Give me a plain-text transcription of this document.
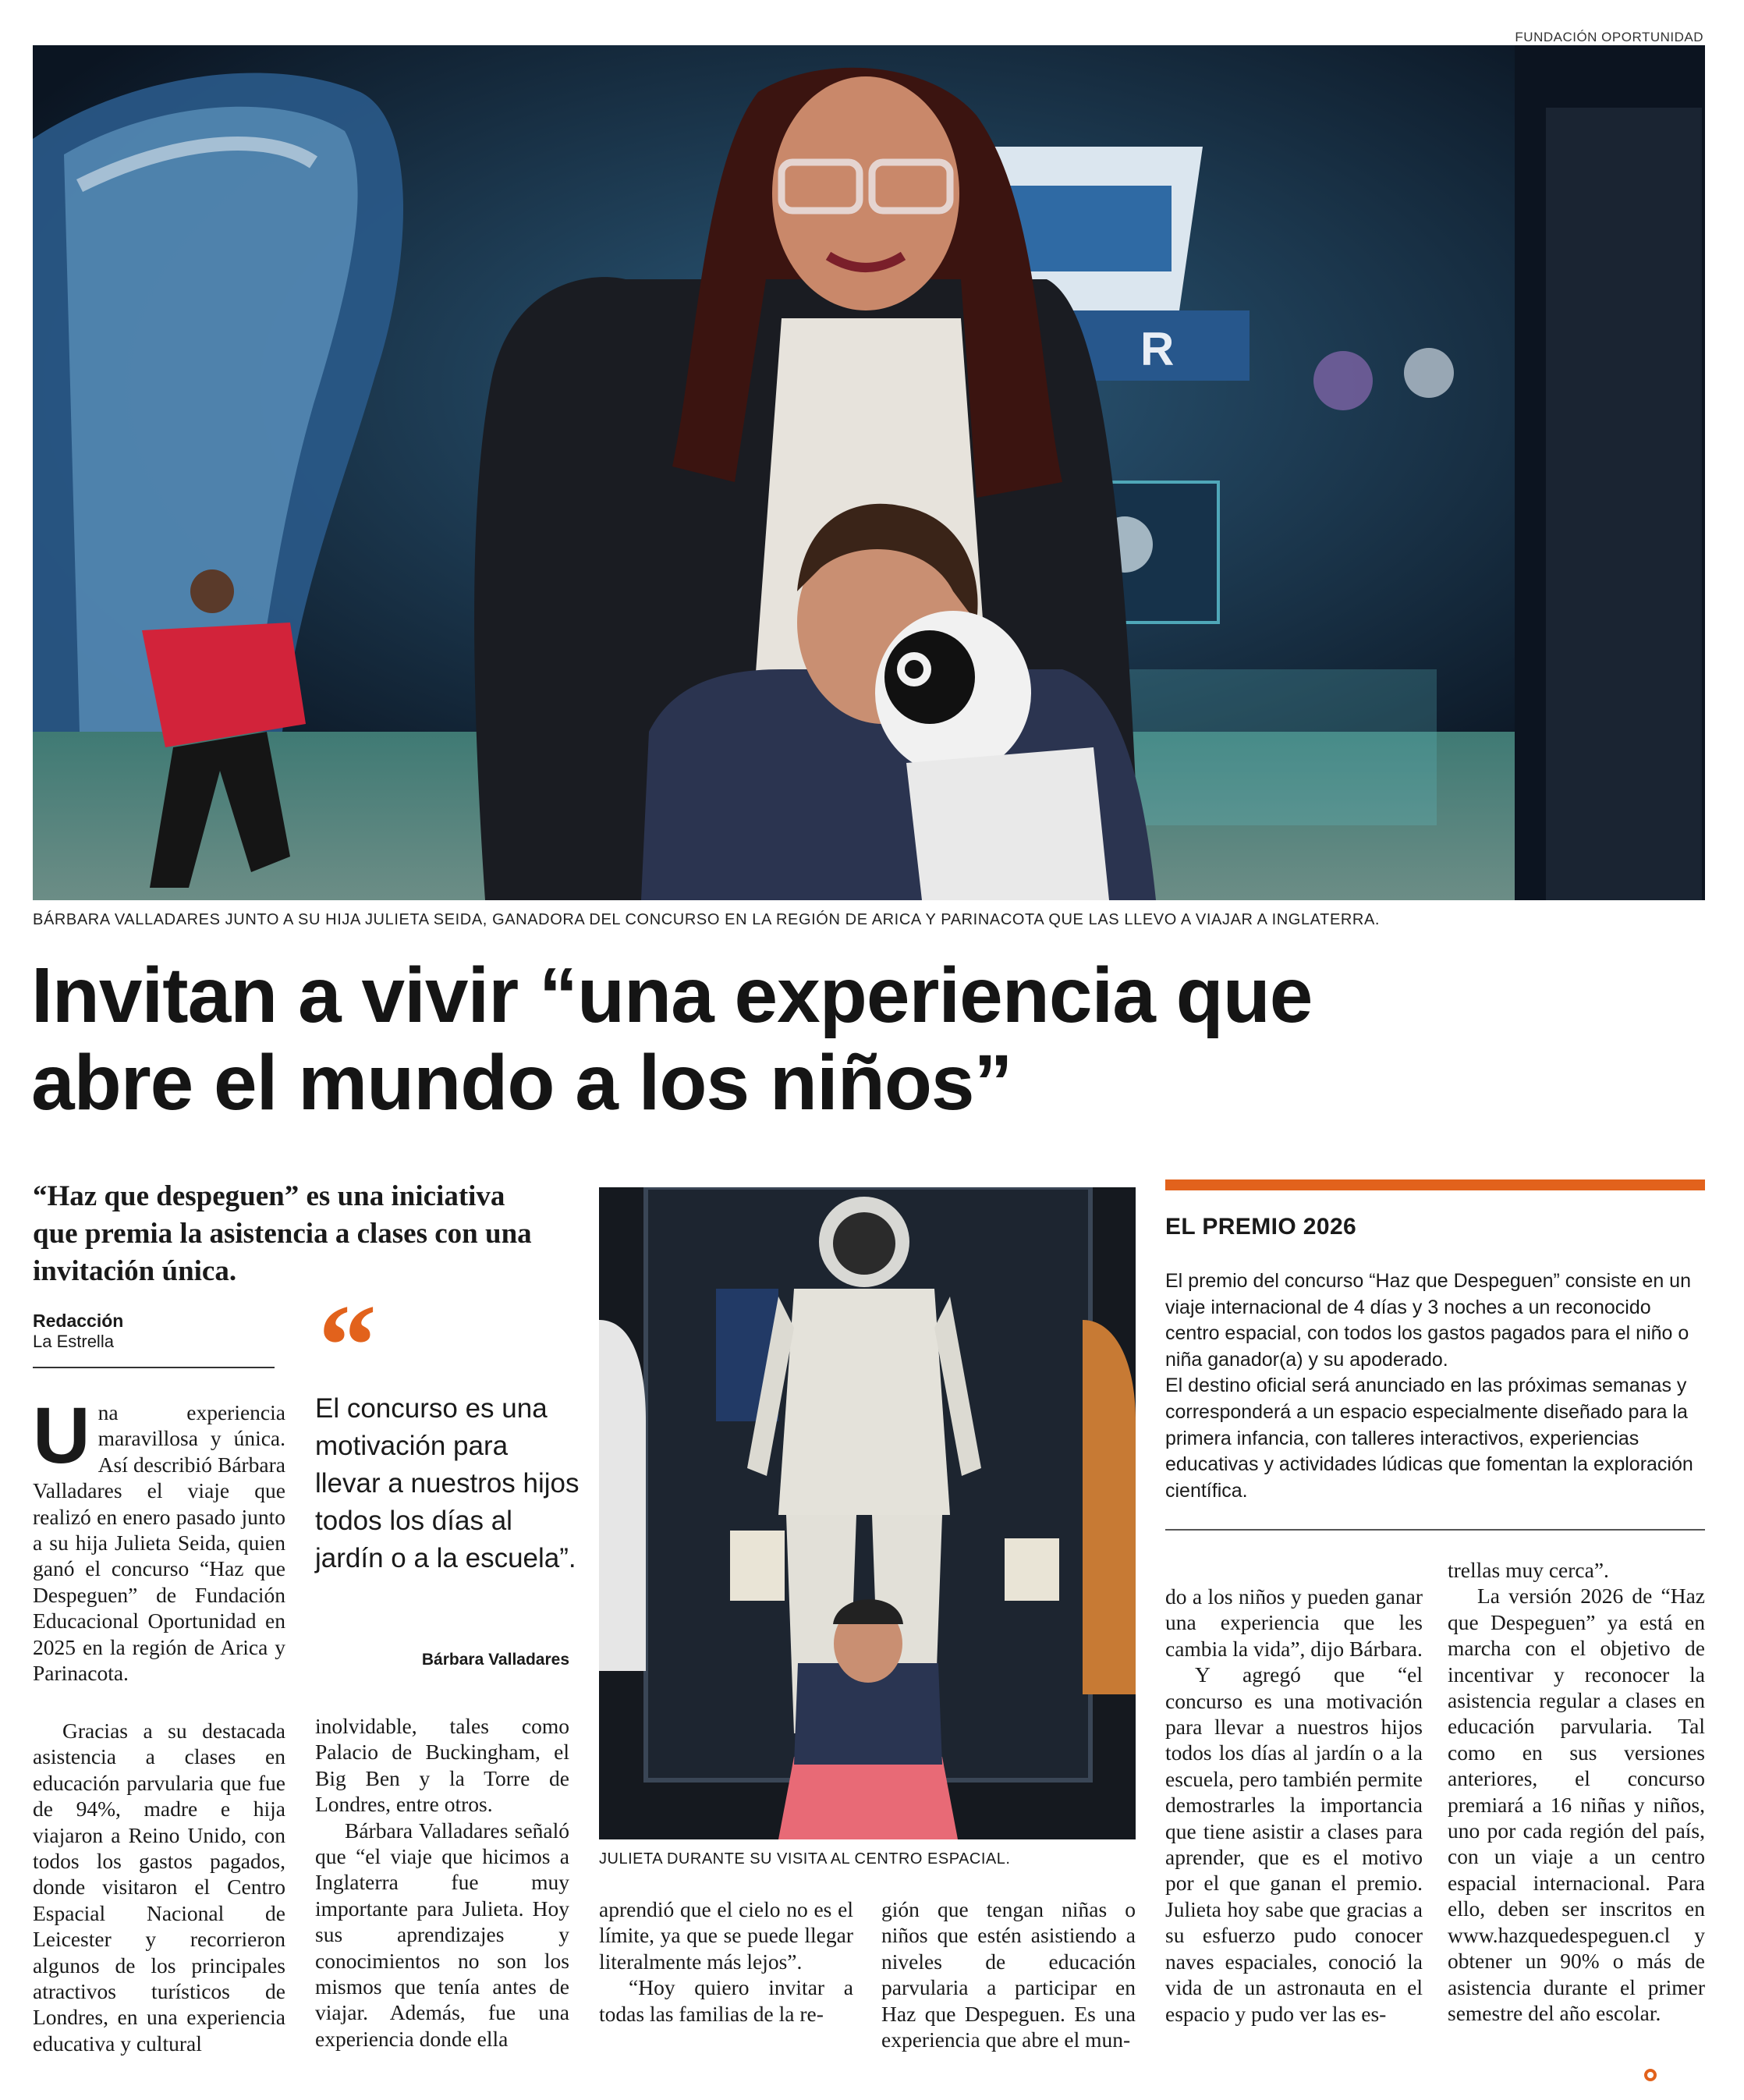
FUNDACIÓN OPORTUNIDAD
R
BÁRBARA VALLADARES JUNTO A SU HIJA JULIETA SEIDA, GANADORA DEL CONCURSO EN LA REGIÓN DE ARICA Y PARINACOTA QUE LAS LLEVO A VIAJAR A INGLATERRA.
Invitan a vivir “una experiencia que
abre el mundo a los niños”
“Haz que despeguen” es una iniciativa que premia la asistencia a clases con una invitación única.
Redacción
La Estrella “
El concurso es una motivación para llevar a nuestros hijos todos los días al jardín o a la escuela”.
Bárbara Valladares

Una experiencia maravillosa y única. Así describió Bárbara Valladares el viaje que realizó en enero pasado junto a su hija Julieta Seida, quien ganó el concurso “Haz que Despeguen” de Fundación Educacional Oportunidad en 2025 en la región de Arica y Parinacota.

Gracias a su destacada asistencia a clases en educación parvularia que fue de 94%, madre e hija viajaron a Reino Unido, con todos los gastos pagados, donde visitaron el Centro Espacial Nacional de Leicester y recorrieron algunos de los principales atractivos turísticos de Londres, en una experiencia educativa y cultural

inolvidable, tales como Palacio de Buckingham, el Big Ben y la Torre de Londres, entre otros.

Bárbara Valladares señaló que “el viaje que hicimos a Inglaterra fue muy importante para Julieta. Hoy sus aprendizajes y conocimientos no son los mismos que tenía antes de viajar. Además, fue una experiencia donde ella

JULIETA DURANTE SU VISITA AL CENTRO ESPACIAL.

aprendió que el cielo no es el límite, ya que se puede llegar literalmente más lejos”.

“Hoy quiero invitar a todas las familias de la re-

gión que tengan niñas o niños que estén asistiendo a niveles de educación parvularia a participar en Haz que Despeguen. Es una experiencia que abre el mun-

EL PREMIO 2026

El premio del concurso “Haz que Despeguen” consiste en un viaje internacional de 4 días y 3 noches a un reconocido centro espacial, con todos los gastos pagados para el niño o niña ganador(a) y su apoderado.

El destino oficial será anunciado en las próximas semanas y corresponderá a un espacio especialmente diseñado para la primera infancia, con talleres interactivos, experiencias educativas y actividades lúdicas que fomentan la exploración científica.

do a los niños y pueden ganar una experiencia que les cambia la vida”, dijo Bárbara.

Y agregó que “el concurso es una motivación para llevar a nuestros hijos todos los días al jardín o a la escuela, pero también permite demostrarles la importancia que tiene asistir a clases para aprender, que es el motivo por el que ganan el premio. Julieta hoy sabe que gracias a su esfuerzo pudo conocer naves espaciales, conoció la vida de un astronauta en el espacio y pudo ver las es-

trellas muy cerca”.

La versión 2026 de “Haz que Despeguen” ya está en marcha con el objetivo de incentivar y reconocer la asistencia regular a clases en educación parvularia. Tal como en sus versiones anteriores, el concurso premiará a 16 niñas y niños, uno por cada región del país, con un viaje a un centro espacial internacional. Para ello, deben ser inscritos en www.hazquedespeguen.cl y obtener un 90% o más de asistencia durante el primer semestre del año escolar.
